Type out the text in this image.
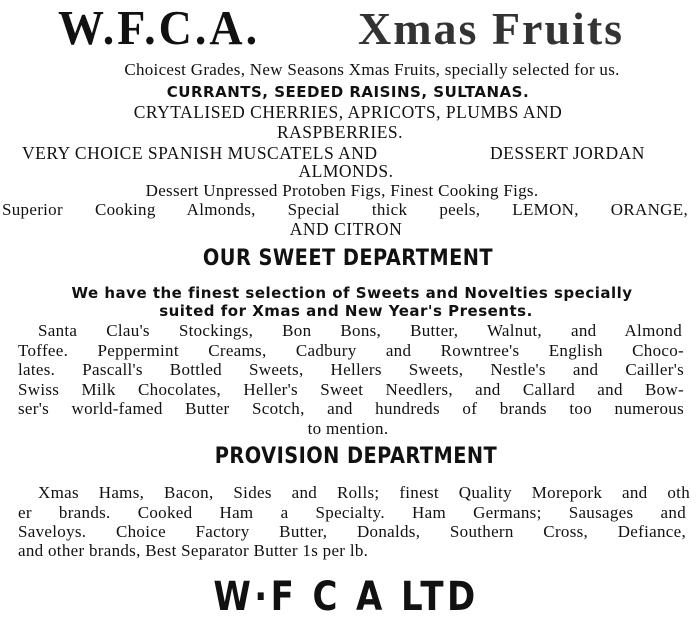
W.F.C.A. Xmas Fruits
Choicest Grades, New Seasons Xmas Fruits, specially selected for us.
CURRANTS, SEEDED RAISINS, SULTANAS.
CRYTALISED CHERRIES, APRICOTS, PLUMBS AND
RASPBERRIES.
VERY CHOICE SPANISH MUSCATELS AND	DESSERT JORDAN
ALMONDS.
Dessert Unpressed Protoben Figs, Finest Cooking Figs.
Superior Cooking Almonds, Special thick peels, LEMON, ORANGE,
AND CITRON
OUR SWEET DEPARTMENT
We have the finest selection of Sweets and Novelties specially
suited for Xmas and New Year's Presents.
Santa Clau's Stockings, Bon Bons, Butter, Walnut, and Almond
Toffee. Peppermint Creams, Cadbury and Rowntree's English Choco-
lates. Pascall's Bottled Sweets, Hellers Sweets, Nestle's and Cailler's
Swiss Milk Chocolates, Heller's Sweet Needlers, and Callard and Bow-
ser's world-famed Butter Scotch, and hundreds of brands too numerous
to mention.
PROVISION DEPARTMENT
Xmas Hams, Bacon, Sides and Rolls; finest Quality Morepork and oth
er brands. Cooked Ham a Specialty. Ham Germans; Sausages and
Saveloys. Choice Factory Butter, Donalds, Southern Cross, Defiance,
and other brands, Best Separator Butter 1s per lb.
W·F C A LTD
